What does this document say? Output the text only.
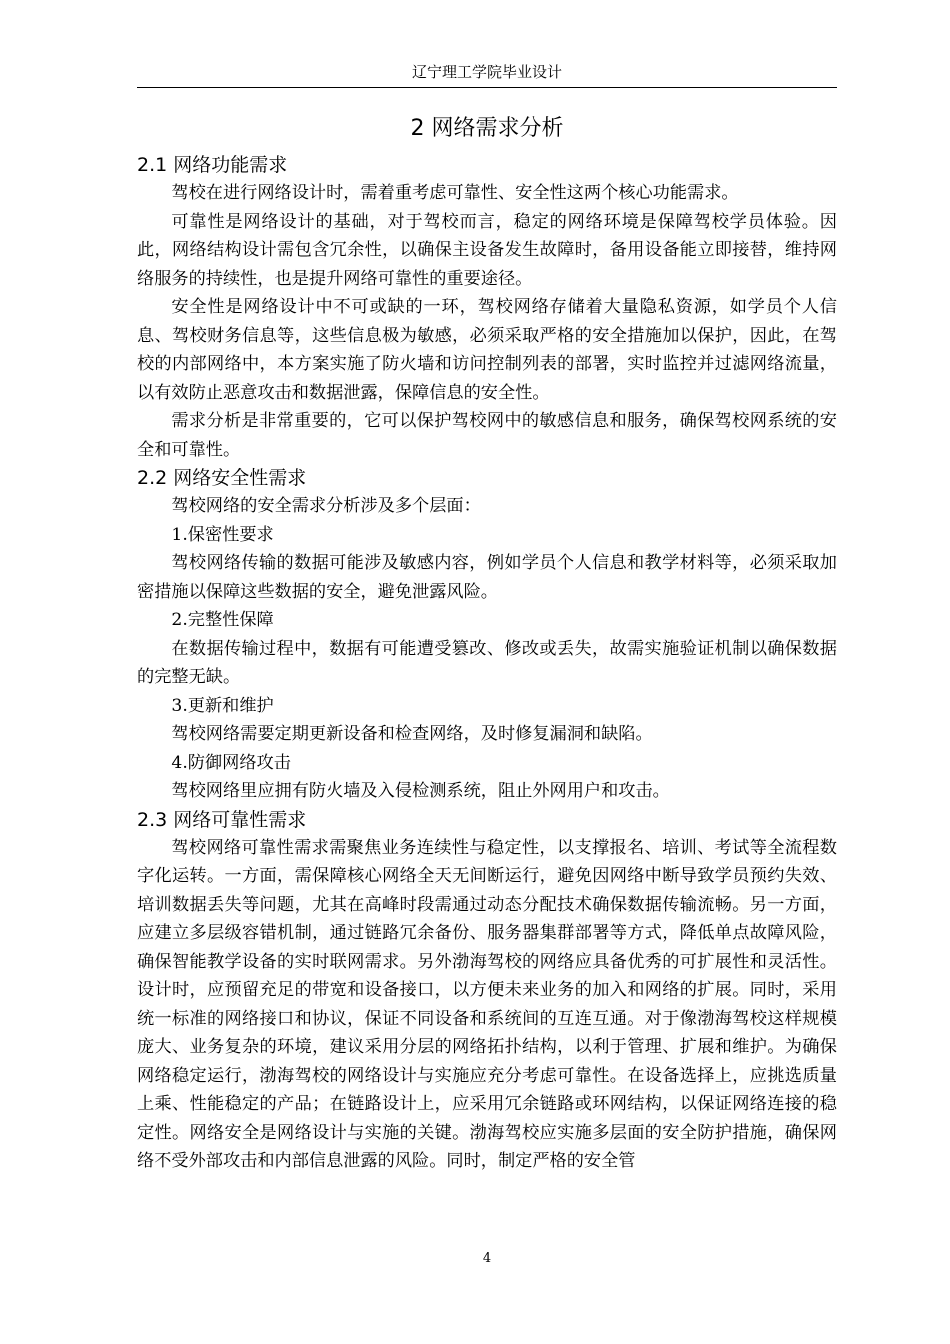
辽宁理工学院毕业设计
2 网络需求分析
2.1 网络功能需求

驾校在进行网络设计时，需着重考虑可靠性、安全性这两个核心功能需求。

可靠性是网络设计的基础，对于驾校而言，稳定的网络环境是保障驾校学员体验。因此，网络结构设计需包含冗余性，以确保主设备发生故障时，备用设备能立即接替，维持网络服务的持续性，也是提升网络可靠性的重要途径。

安全性是网络设计中不可或缺的一环，驾校网络存储着大量隐私资源，如学员个人信息、驾校财务信息等，这些信息极为敏感，必须采取严格的安全措施加以保护，因此，在驾校的内部网络中，本方案实施了防火墙和访问控制列表的部署，实时监控并过滤网络流量，以有效防止恶意攻击和数据泄露，保障信息的安全性。

需求分析是非常重要的，它可以保护驾校网中的敏感信息和服务，确保驾校网系统的安全和可靠性。

2.2 网络安全性需求

驾校网络的安全需求分析涉及多个层面：

1.保密性要求

驾校网络传输的数据可能涉及敏感内容，例如学员个人信息和教学材料等，必须采取加密措施以保障这些数据的安全，避免泄露风险。

2.完整性保障

在数据传输过程中，数据有可能遭受篡改、修改或丢失，故需实施验证机制以确保数据的完整无缺。

3.更新和维护

驾校网络需要定期更新设备和检查网络，及时修复漏洞和缺陷。

4.防御网络攻击

驾校网络里应拥有防火墙及入侵检测系统，阻止外网用户和攻击。

2.3 网络可靠性需求

驾校网络可靠性需求需聚焦业务连续性与稳定性，以支撑报名、培训、考试等全流程数字化运转。一方面，需保障核心网络全天无间断运行，避免因网络中断导致学员预约失效、培训数据丢失等问题，尤其在高峰时段需通过动态分配技术确保数据传输流畅。另一方面，应建立多层级容错机制，通过链路冗余备份、服务器集群部署等方式，降低单点故障风险，确保智能教学设备的实时联网需求。另外渤海驾校的网络应具备优秀的可扩展性和灵活性。设计时，应预留充足的带宽和设备接口，以方便未来业务的加入和网络的扩展。同时，采用统一标准的网络接口和协议，保证不同设备和系统间的互连互通。对于像渤海驾校这样规模庞大、业务复杂的环境，建议采用分层的网络拓扑结构，以利于管理、扩展和维护。为确保网络稳定运行，渤海驾校的网络设计与实施应充分考虑可靠性。在设备选择上，应挑选质量上乘、性能稳定的产品；在链路设计上，应采用冗余链路或环网结构，以保证网络连接的稳定性。网络安全是网络设计与实施的关键。渤海驾校应实施多层面的安全防护措施，确保网络不受外部攻击和内部信息泄露的风险。同时，制定严格的安全管

4
